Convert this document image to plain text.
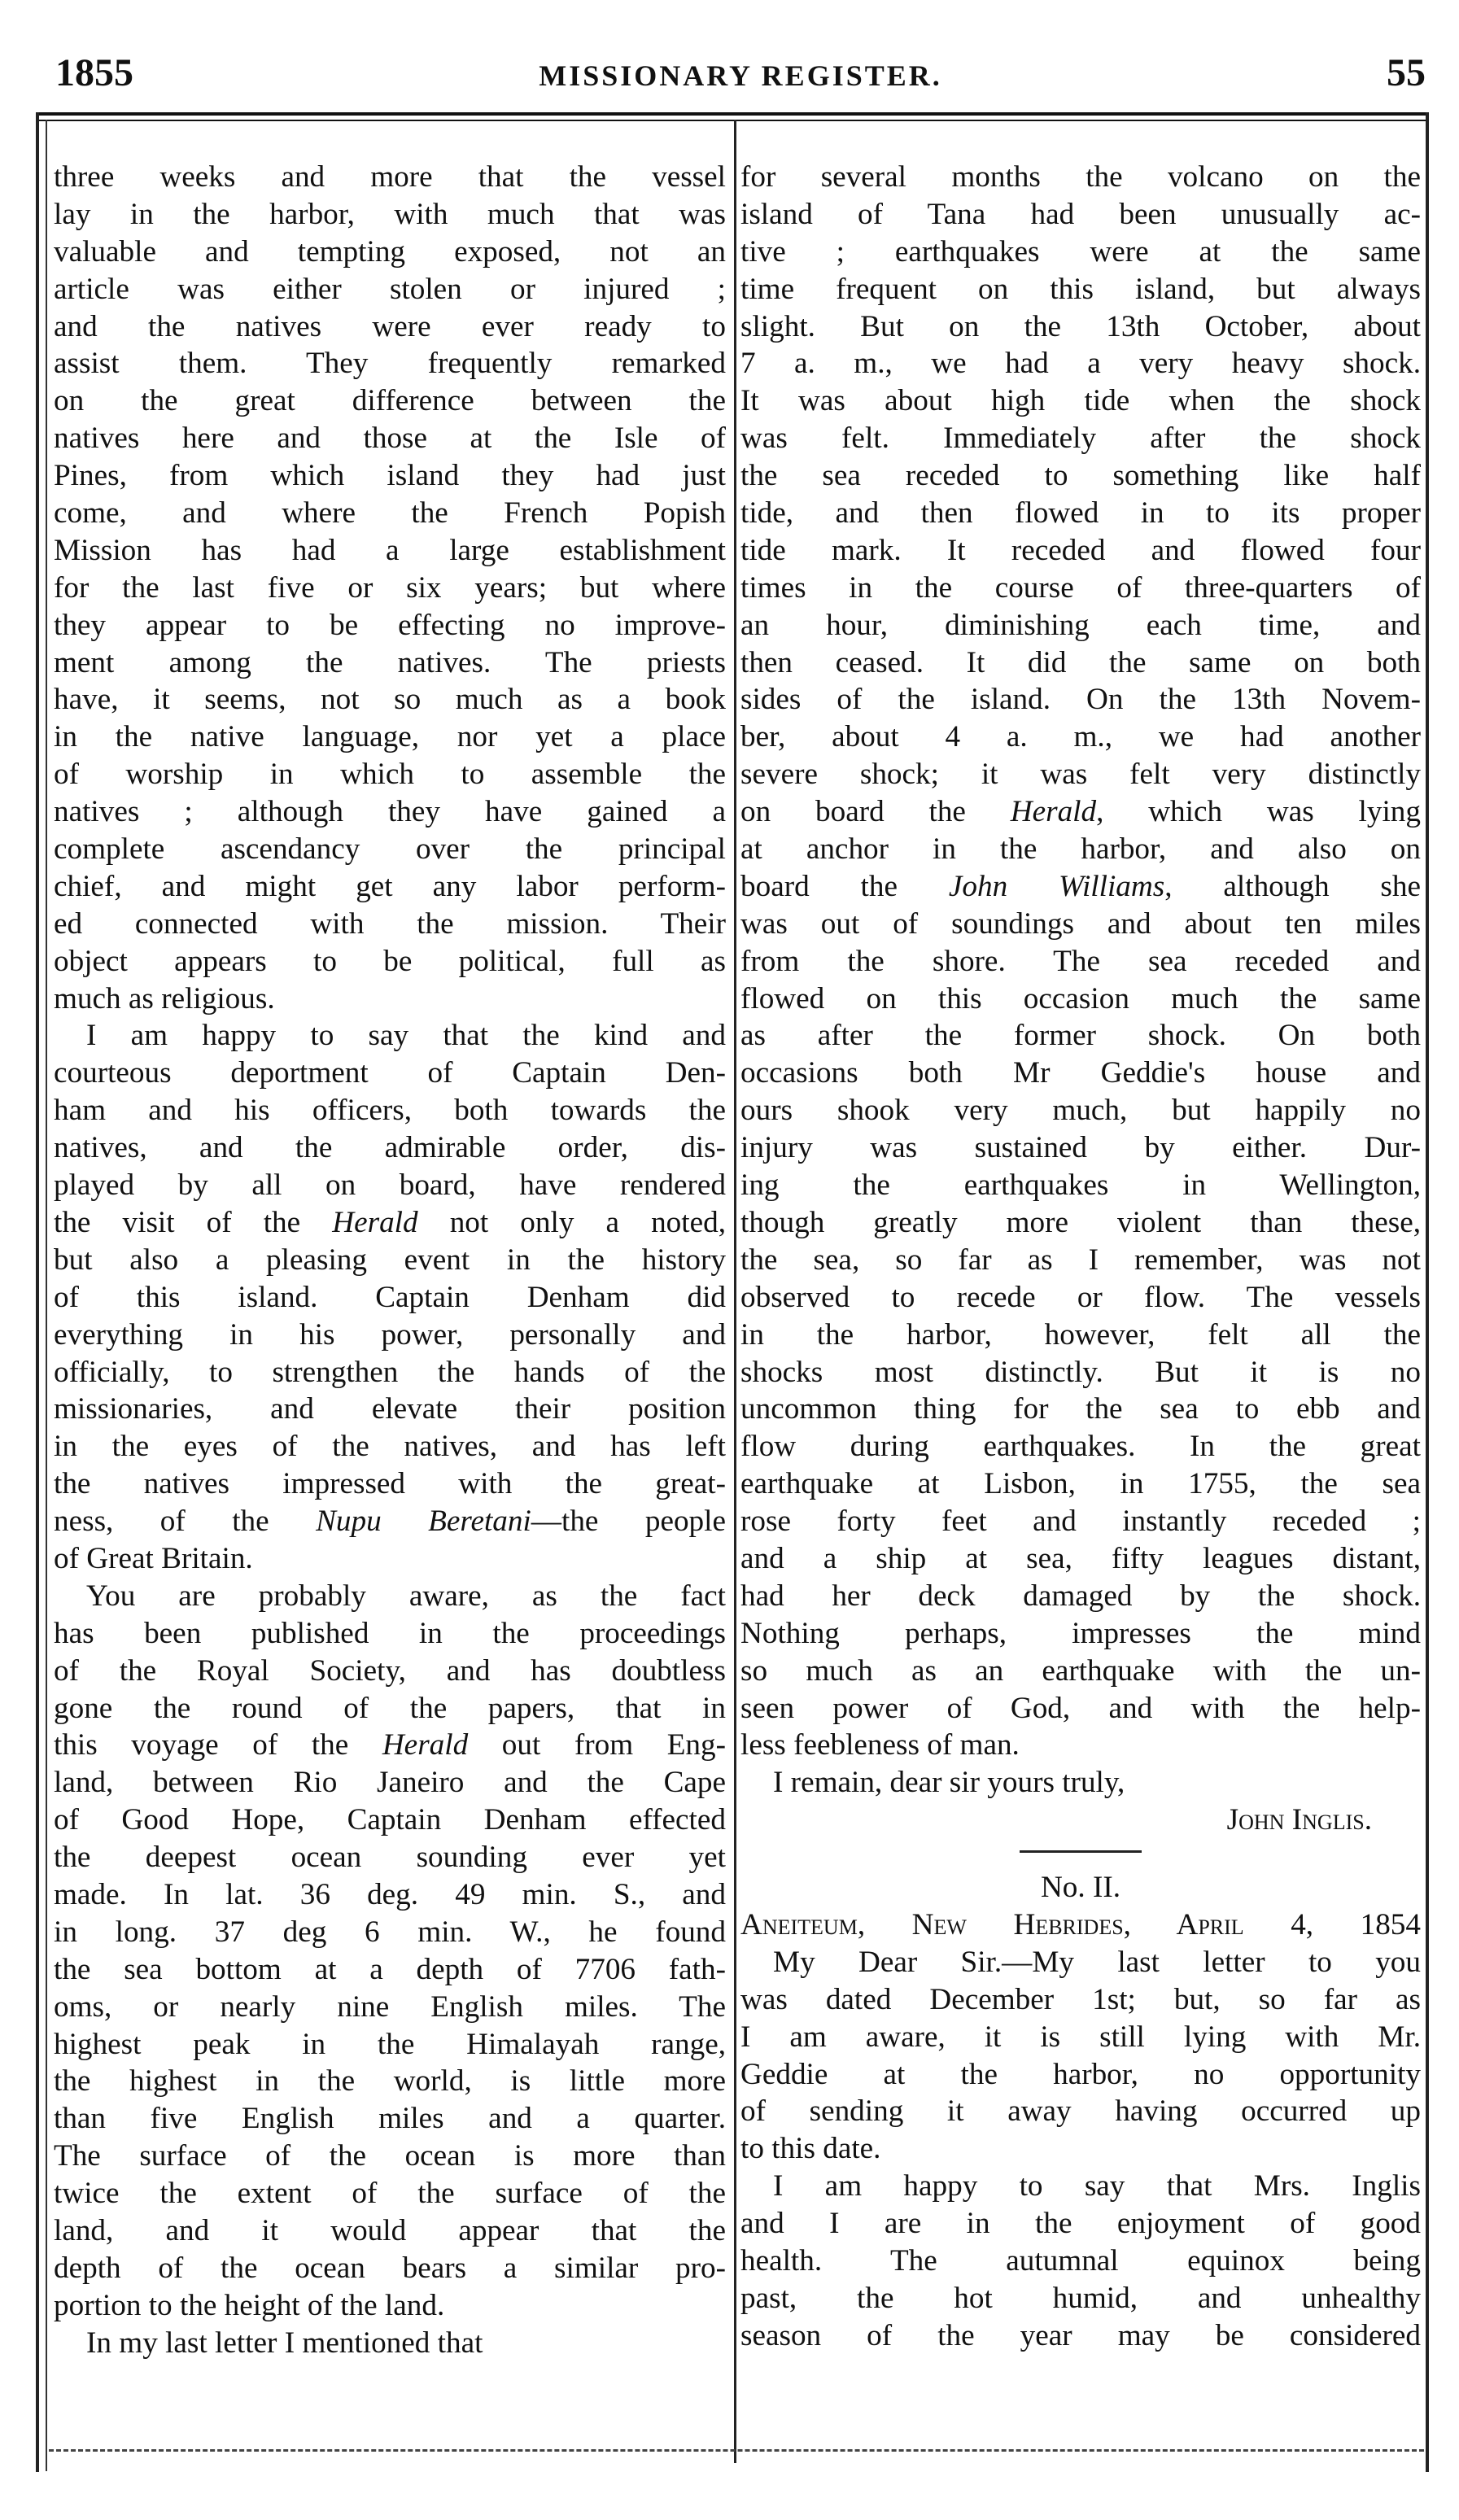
1855	MISSIONARY REGISTER.	55
three weeks and more that the vessel
lay in the harbor, with much that was
valuable and tempting exposed, not an
article was either stolen or injured ;
and the natives were ever ready to
assist them. They frequently remarked
on the great difference between the
natives here and those at the Isle of
Pines, from which island they had just
come, and where the French Popish
Mission has had a large establishment
for the last five or six years; but where
they appear to be effecting no improve-
ment among the natives. The priests
have, it seems, not so much as a book
in the native language, nor yet a place
of worship in which to assemble the
natives ; although they have gained a
complete ascendancy over the principal
chief, and might get any labor perform-
ed connected with the mission. Their
object appears to be political, full as
much as religious.
I am happy to say that the kind and
courteous deportment of Captain Den-
ham and his officers, both towards the
natives, and the admirable order, dis-
played by all on board, have rendered
the visit of the Herald not only a noted,
but also a pleasing event in the history
of this island. Captain Denham did
everything in his power, personally and
officially, to strengthen the hands of the
missionaries, and elevate their position
in the eyes of the natives, and has left
the natives impressed with the great-
ness, of the Nupu Beretani—the people
of Great Britain.
You are probably aware, as the fact
has been published in the proceedings
of the Royal Society, and has doubtless
gone the round of the papers, that in
this voyage of the Herald out from Eng-
land, between Rio Janeiro and the Cape
of Good Hope, Captain Denham effected
the deepest ocean sounding ever yet
made. In lat. 36 deg. 49 min. S., and
in long. 37 deg 6 min. W., he found
the sea bottom at a depth of 7706 fath-
oms, or nearly nine English miles. The
highest peak in the Himalayah range,
the highest in the world, is little more
than five English miles and a quarter.
The surface of the ocean is more than
twice the extent of the surface of the
land, and it would appear that the
depth of the ocean bears a similar pro-
portion to the height of the land.
In my last letter I mentioned that
for several months the volcano on the
island of Tana had been unusually ac-
tive ; earthquakes were at the same
time frequent on this island, but always
slight. But on the 13th October, about
7 a. m., we had a very heavy shock.
It was about high tide when the shock
was felt. Immediately after the shock
the sea receded to something like half
tide, and then flowed in to its proper
tide mark. It receded and flowed four
times in the course of three-quarters of
an hour, diminishing each time, and
then ceased. It did the same on both
sides of the island. On the 13th Novem-
ber, about 4 a. m., we had another
severe shock; it was felt very distinctly
on board the Herald, which was lying
at anchor in the harbor, and also on
board the John Williams, although she
was out of soundings and about ten miles
from the shore. The sea receded and
flowed on this occasion much the same
as after the former shock. On both
occasions both Mr Geddie's house and
ours shook very much, but happily no
injury was sustained by either. Dur-
ing the earthquakes in Wellington,
though greatly more violent than these,
the sea, so far as I remember, was not
observed to recede or flow. The vessels
in the harbor, however, felt all the
shocks most distinctly. But it is no
uncommon thing for the sea to ebb and
flow during earthquakes. In the great
earthquake at Lisbon, in 1755, the sea
rose forty feet and instantly receded ;
and a ship at sea, fifty leagues distant,
had her deck damaged by the shock.
Nothing perhaps, impresses the mind
so much as an earthquake with the un-
seen power of God, and with the help-
less feebleness of man.
I remain, dear sir yours truly,
John Inglis.
No. II.
Aneiteum, New Hebrides, April 4, 1854
My Dear Sir.—My last letter to you
was dated December 1st; but, so far as
I am aware, it is still lying with Mr.
Geddie at the harbor, no opportunity
of sending it away having occurred up
to this date.
I am happy to say that Mrs. Inglis
and I are in the enjoyment of good
health. The autumnal equinox being
past, the hot humid, and unhealthy
season of the year may be considered
